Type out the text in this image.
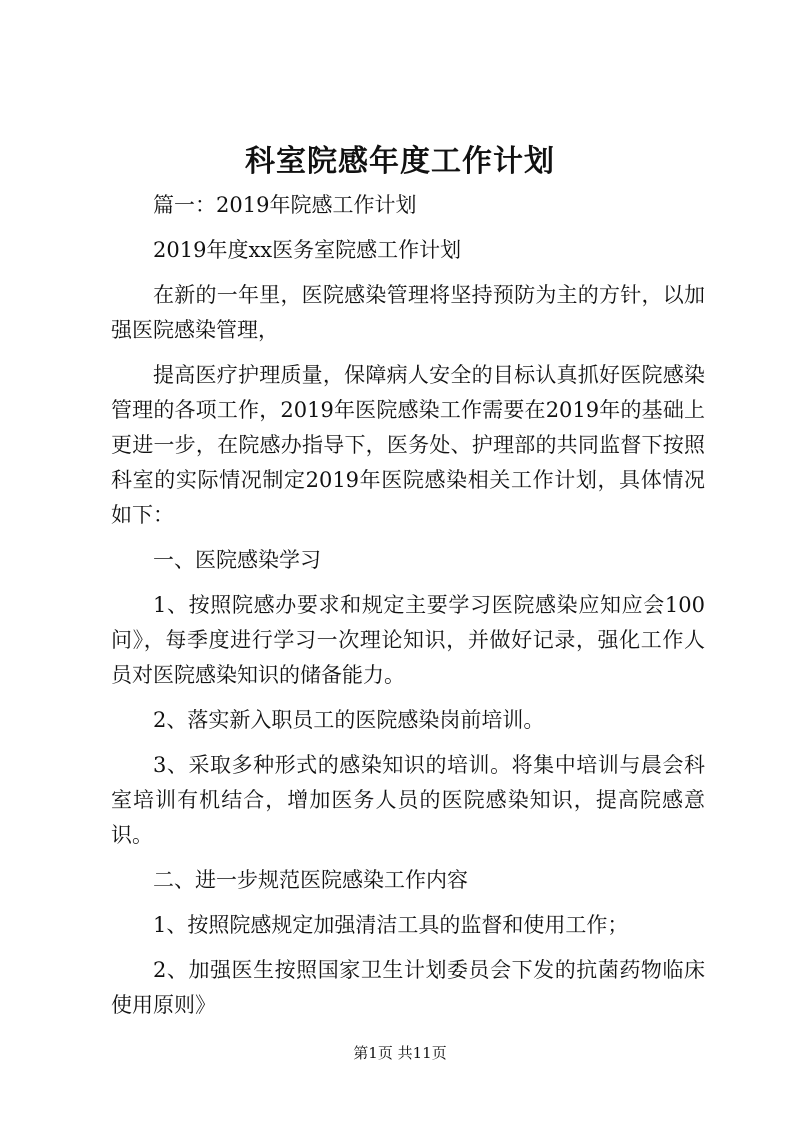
科室院感年度工作计划

篇一：2019年院感工作计划

2019年度xx医务室院感工作计划

在新的一年里，医院感染管理将坚持预防为主的方针，以加强医院感染管理，

提高医疗护理质量，保障病人安全的目标认真抓好医院感染管理的各项工作，2019年医院感染工作需要在2019年的基础上更进一步，在院感办指导下，医务处、护理部的共同监督下按照科室的实际情况制定2019年医院感染相关工作计划，具体情况如下：

一、医院感染学习

1、按照院感办要求和规定主要学习医院感染应知应会100问》，每季度进行学习一次理论知识，并做好记录，强化工作人员对医院感染知识的储备能力。

2、落实新入职员工的医院感染岗前培训。

3、采取多种形式的感染知识的培训。将集中培训与晨会科室培训有机结合，增加医务人员的医院感染知识，提高院感意识。

二、进一步规范医院感染工作内容

1、按照院感规定加强清洁工具的监督和使用工作；

2、加强医生按照国家卫生计划委员会下发的抗菌药物临床使用原则》

第1页 共11页
